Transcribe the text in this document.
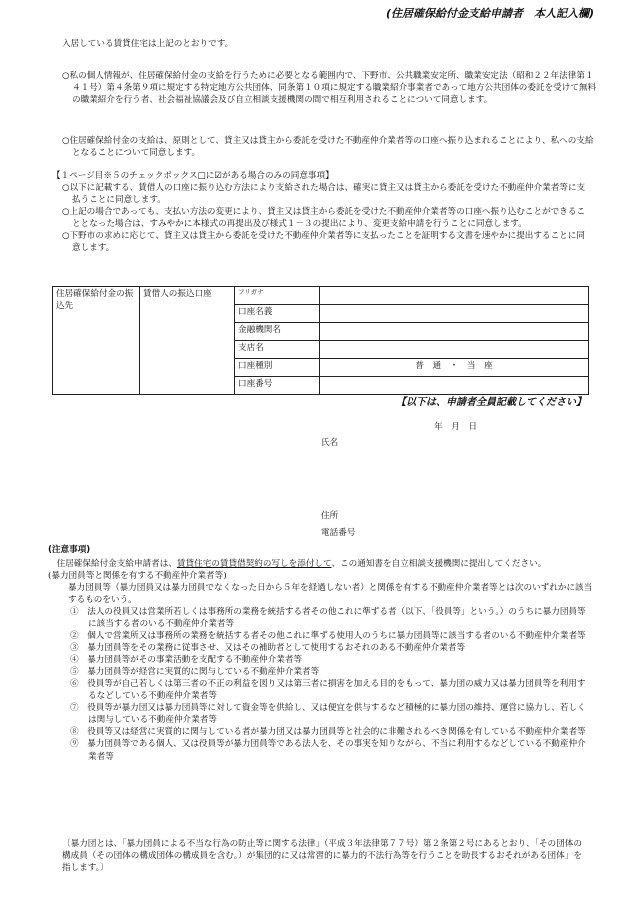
(住居確保給付金支給申請者　本人記入欄)
入居している賃貸住宅は上記のとおりです。
○私の個人情報が、住居確保給付金の支給を行うために必要となる範囲内で、下野市、公共職業安定所、職業安定法（昭和２２年法律第１４１号）第４条第９項に規定する特定地方公共団体、同条第１０項に規定する職業紹介事業者であって地方公共団体の委託を受けて無料の職業紹介を行う者、社会福祉協議会及び自立相談支援機関の間で相互利用されることについて同意します。
○住居確保給付金の支給は、原則として、貸主又は貸主から委託を受けた不動産仲介業者等の口座へ振り込まれることにより、私への支給となることについて同意します。
【１ページ目※５のチェックボックス□に☑がある場合のみの同意事項】
○以下に記載する、賃借人の口座に振り込む方法により支給された場合は、確実に貸主又は貸主から委託を受けた不動産仲介業者等に支払うことに同意します。
○上記の場合であっても、支払い方法の変更により、貸主又は貸主から委託を受けた不動産仲介業者等の口座へ振り込むことができることとなった場合は、すみやかに本様式の再提出及び様式１－３の提出により、変更支給申請を行うことに同意します。
○下野市の求めに応じて、貸主又は貸主から委託を受けた不動産仲介業者等に支払ったことを証明する文書を速やかに提出することに同意します。
住居確保給付金の振込先	賃借人の振込口座	フリガナ	
		口座名義	
		金融機関名	
		支店名	
		口座種別	普　通　・　当　座
		口座番号	
【以下は、申請者全員記載してください】
年　月　日
氏名
住所
電話番号
(注意事項)
　住居確保給付金支給申請者は、賃貸住宅の賃貸借契約の写しを添付して、この通知書を自立相談支援機関に提出してください。
(暴力団員等と関係を有する不動産仲介業者等)
暴力団員等（暴力団員又は暴力団員でなくなった日から５年を経過しない者）と関係を有する不動産仲介業者等とは次のいずれかに該当するものをいう。
①　法人の役員又は営業所若しくは事務所の業務を統括する者その他これに準ずる者（以下、「役員等」という。）のうちに暴力団員等に該当する者のいる不動産仲介業者等
②　個人で営業所又は事務所の業務を統括する者その他これに準ずる使用人のうちに暴力団員等に該当する者のいる不動産仲介業者等
③　暴力団員等をその業務に従事させ、又はその補助者として使用するおそれのある不動産仲介業者等
④　暴力団員等がその事業活動を支配する不動産仲介業者等
⑤　暴力団員等が経営に実質的に関与している不動産仲介業者等
⑥　役員等が自己若しくは第三者の不正の利益を図り又は第三者に損害を加える目的をもって、暴力団の威力又は暴力団員等を利用するなどしている不動産仲介業者等
⑦　役員等が暴力団又は暴力団員等に対して資金等を供給し、又は便宜を供与するなど積極的に暴力団の維持、運営に協力し、若しくは関与している不動産仲介業者等
⑧　役員等又は経営に実質的に関与している者が暴力団又は暴力団員等と社会的に非難されるべき関係を有している不動産仲介業者等
⑨　暴力団員等である個人、又は役員等が暴力団員等である法人を、その事実を知りながら、不当に利用するなどしている不動産仲介業者等
〔暴力団とは、「暴力団員による不当な行為の防止等に関する法律」（平成３年法律第７７号）第２条第２号にあるとおり、「その団体の構成員（その団体の構成団体の構成員を含む。）が集団的に又は常習的に暴力的不法行為等を行うことを助長するおそれがある団体」を指します。〕
